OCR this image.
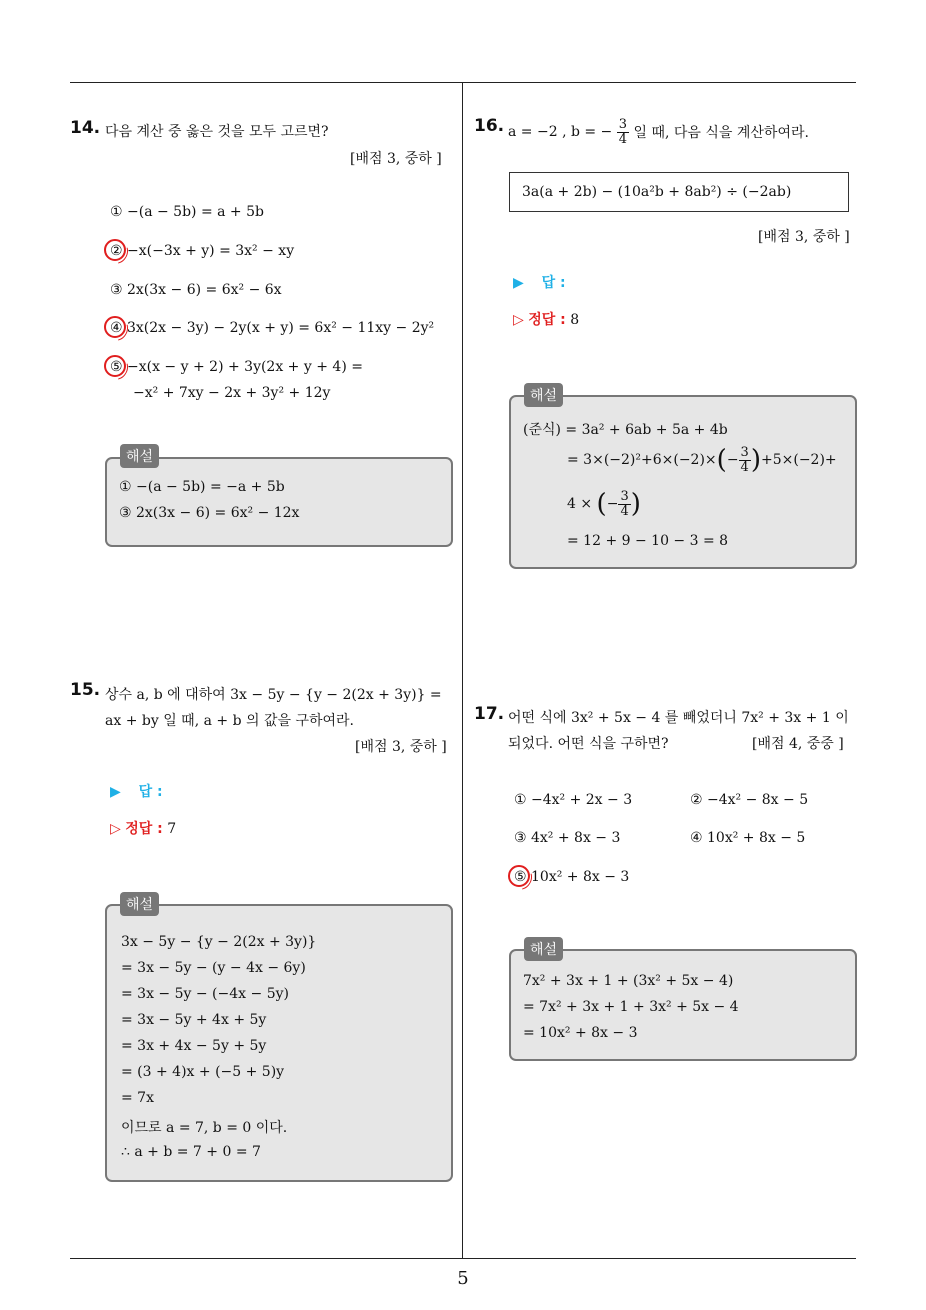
14. 다음 계산 중 옳은 것을 모두 고르면?
[배점 3, 중하 ]
① −(a − 5b) = a + 5b
② −x(−3x + y) = 3x² − xy
③ 2x(3x − 6) = 6x² − 6x
④ 3x(2x − 3y) − 2y(x + y) = 6x² − 11xy − 2y²
⑤ −x(x − y + 2) + 3y(2x + y + 4) =
−x² + 7xy − 2x + 3y² + 12y
① −(a − 5b) = −a + 5b
③ 2x(3x − 6) = 6x² − 12x
해설
15. 상수 a, b 에 대하여 3x − 5y − {y − 2(2x + 3y)} =
ax + by 일 때, a + b 의 값을 구하여라.
[배점 3, 중하 ]
▶ 답 :
▷ 정답 : 7
3x − 5y − {y − 2(2x + 3y)}
= 3x − 5y − (y − 4x − 6y)
= 3x − 5y − (−4x − 5y)
= 3x − 5y + 4x + 5y
= 3x + 4x − 5y + 5y
= (3 + 4)x + (−5 + 5)y
= 7x
이므로 a = 7, b = 0 이다.
∴ a + b = 7 + 0 = 7
해설
16. a = −2 , b = − $\frac{3}{4}$ 일 때, 다음 식을 계산하여라.
3a(a + 2b) − (10a²b + 8ab²) ÷ (−2ab)
[배점 3, 중하 ]
▶ 답 :
▷ 정답 : 8
(준식) = 3a² + 6ab + 5a + 4b
= $3\times(-2)^2+6\times(-2)\times(- \frac{3}{4} )+5\times(-2)+$
4 × (− $\frac{3}{4}$ )
= 12 + 9 − 10 − 3 = 8
해설
17. 어떤 식에 3x² + 5x − 4 를 빼었더니 7x² + 3x + 1 이
되었다. 어떤 식을 구하면?	[배점 4, 중중 ]
① −4x² + 2x − 3	② −4x² − 8x − 5
③ 4x² + 8x − 3	④ 10x² + 8x − 5
⑤ 10x² + 8x − 3
7x² + 3x + 1 + (3x² + 5x − 4)
= 7x² + 3x + 1 + 3x² + 5x − 4
= 10x² + 8x − 3
해설
5
